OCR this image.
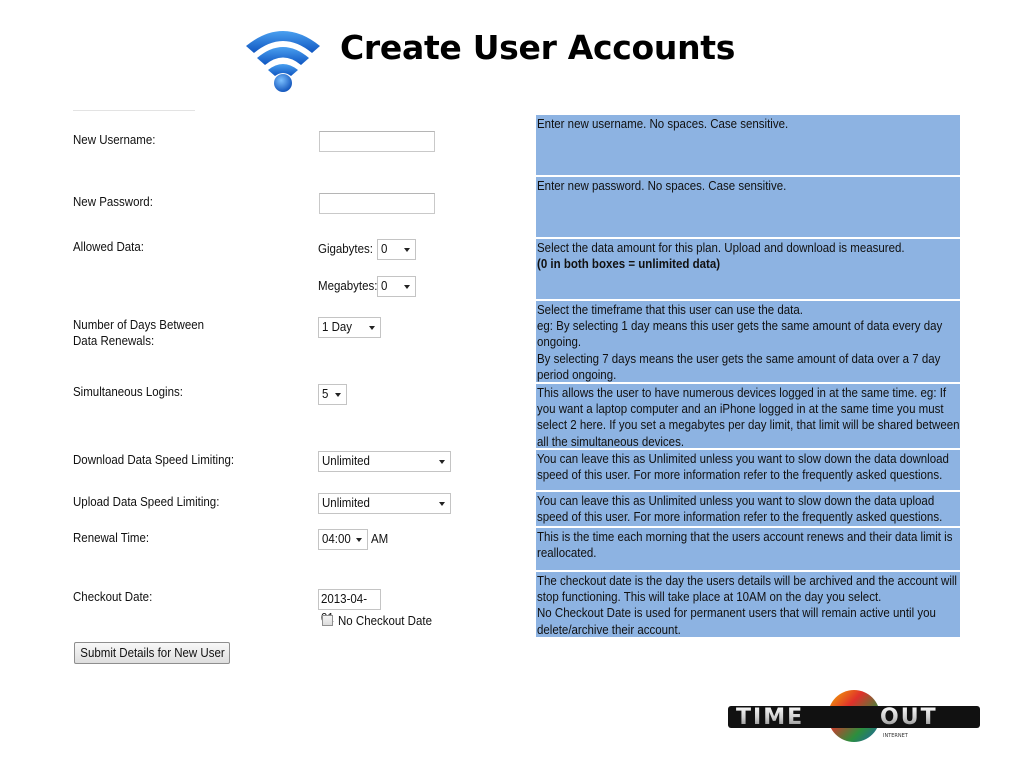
Create User Accounts
New Username:
New Password:
Allowed Data:
Number of Days Between
Data Renewals:
Simultaneous Logins:
Download Data Speed Limiting:
Upload Data Speed Limiting:
Renewal Time:
Checkout Date:
Gigabytes: 0
Megabytes: 0
1 Day
5
Unlimited
Unlimited
04:00	AM
2013-04-
No Checkout Date
Submit Details for New User
Enter new username. No spaces. Case sensitive.
Enter new password. No spaces. Case sensitive.
Select the data amount for this plan. Upload and download is measured.
(0 in both boxes = unlimited data)
Select the timeframe that this user can use the data.
eg: By selecting 1 day means this user gets the same amount of data every day ongoing.
By selecting 7 days means the user gets the same amount of data over a 7 day period ongoing.
This allows the user to have numerous devices logged in at the same time. eg: If you want a laptop computer and an iPhone logged in at the same time you must select 2 here. If you set a megabytes per day limit, that limit will be shared between all the simultaneous devices.
You can leave this as Unlimited unless you want to slow down the data download speed of this user. For more information refer to the frequently asked questions.
You can leave this as Unlimited unless you want to slow down the data upload speed of this user. For more information refer to the frequently asked questions.
This is the time each morning that the users account renews and their data limit is reallocated.
The checkout date is the day the users details will be archived and the account will stop functioning. This will take place at 10AM on the day you select.
No Checkout Date is used for permanent users that will remain active until you delete/archive their account.
TIME	OUT
INTERNET
